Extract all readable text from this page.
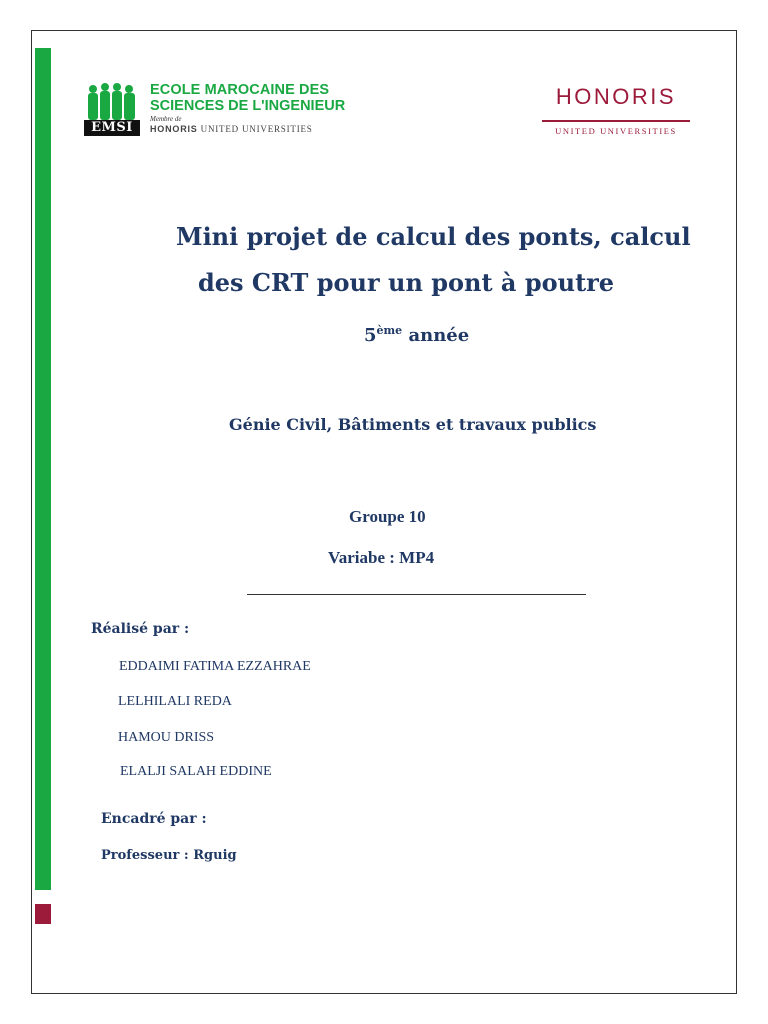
EMSI
ECOLE MAROCAINE DES
SCIENCES DE L'INGENIEUR
Membre de
HONORIS UNITED UNIVERSITIES
HONORIS
UNITED UNIVERSITIES
Mini projet de calcul des ponts, calcul
des CRT pour un pont à poutre
5ème année
Génie Civil, Bâtiments et travaux publics
Groupe 10
Variabe : MP4
Réalisé par :
EDDAIMI FATIMA EZZAHRAE
LELHILALI REDA
HAMOU DRISS
ELALJI SALAH EDDINE
Encadré par :
Professeur : Rguig
